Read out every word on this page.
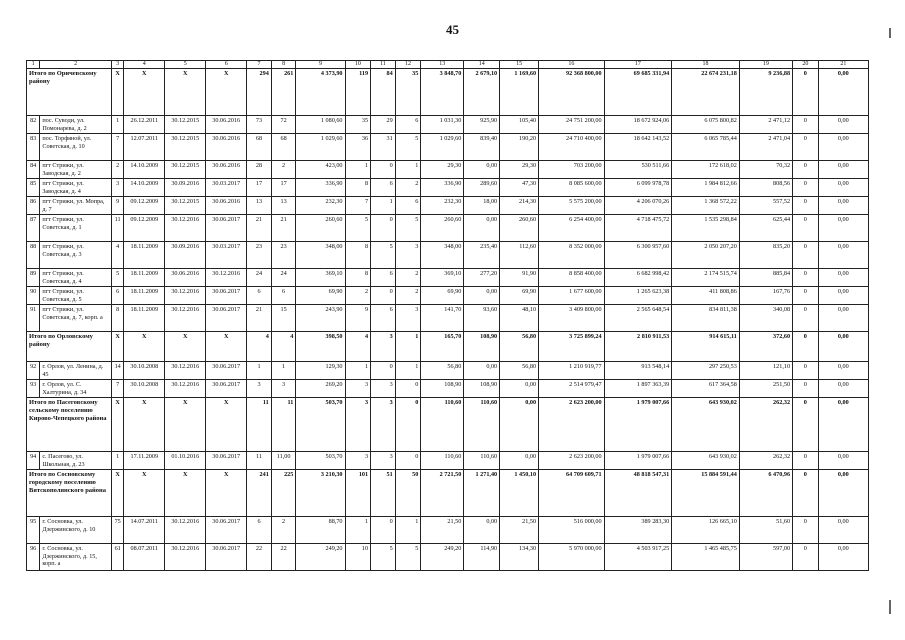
45
1	2	3	4	5	6	7	8	9	10	11	12	13	14	15	16	17	18	19	20	21
Итого по Оричевскому району		X	X	X	X	294	261	4 373,90	119	84	35	3 848,70	2 679,10	1 169,60	92 368 800,00	69 685 331,94	22 674 231,18	9 236,88	0	0,00
82	пос. Суводи, ул. Помонарева, д. 2	1	26.12.2011	30.12.2015	30.06.2016	73	72	1 080,60	35	29	6	1 031,30	925,90	105,40	24 751 200,00	18 672 924,06	6 075 800,82	2 471,12	0	0,00
83	пос. Торфяной, ул. Советская, д. 10	7	12.07.2011	30.12.2015	30.06.2016	68	68	1 029,60	36	31	5	1 029,60	839,40	190,20	24 710 400,00	18 642 143,52	6 065 785,44	2 471,04	0	0,00
84	пгт Стрижи, ул. Заводская, д. 2	2	14.10.2009	30.12.2015	30.06.2016	28	2	423,00	1	0	1	29,30	0,00	29,30	703 200,00	530 511,66	172 618,02	70,32	0	0,00
85	пгт Стрижи, ул. Заводская, д. 4	3	14.10.2009	30.09.2016	30.03.2017	17	17	336,90	8	6	2	336,90	289,60	47,30	8 085 600,00	6 099 978,78	1 984 812,66	808,56	0	0,00
86	пгт Стрижи, ул. Мопра, д. 7	9	09.12.2009	30.12.2015	30.06.2016	13	13	232,30	7	1	6	232,30	18,00	214,30	5 575 200,00	4 206 070,26	1 368 572,22	557,52	0	0,00
87	пгт Стрижи, ул. Советская, д. 1	11	09.12.2009	30.12.2016	30.06.2017	21	21	260,60	5	0	5	260,60	0,00	260,60	6 254 400,00	4 718 475,72	1 535 298,84	625,44	0	0,00
88	пгт Стрижи, ул. Советская, д. 3	4	18.11.2009	30.09.2016	30.03.2017	23	23	348,00	8	5	3	348,00	235,40	112,60	8 352 000,00	6 300 957,60	2 050 207,20	835,20	0	0,00
89	пгт Стрижи, ул. Советская, д. 4	5	18.11.2009	30.06.2016	30.12.2016	24	24	369,10	8	6	2	369,10	277,20	91,90	8 858 400,00	6 682 998,42	2 174 515,74	885,84	0	0,00
90	пгт Стрижи, ул. Советская, д. 5	6	18.11.2009	30.12.2016	30.06.2017	6	6	69,90	2	0	2	69,90	0,00	69,90	1 677 600,00	1 265 623,38	411 808,86	167,76	0	0,00
91	пгт Стрижи, ул. Советская, д. 7, корп. а	8	18.11.2009	30.12.2016	30.06.2017	21	15	243,90	9	6	3	141,70	93,60	48,10	3 409 800,00	2 565 648,54	834 811,38	340,08	0	0,00
Итого по Орловскому району		X	X	X	X	4	4	398,50	4	3	1	165,70	108,90	56,80	3 725 899,24	2 810 911,53	914 615,11	372,60	0	0,00
92	г. Орлов, ул. Ленина, д. 45	14	30.10.2008	30.12.2016	30.06.2017	1	1	129,30	1	0	1	56,80	0,00	56,80	1 210 919,77	913 548,14	297 250,53	121,10	0	0,00
93	г. Орлов, ул. С. Халтурина, д. 34	7	30.10.2008	30.12.2016	30.06.2017	3	3	269,20	3	3	0	108,90	108,90	0,00	2 514 979,47	1 897 363,39	617 364,58	251,50	0	0,00
Итого по Пасеговскому сельскому поселению Кирово-Чепецкого района		X	X	X	X	11	11	503,70	3	3	0	110,60	110,60	0,00	2 623 200,00	1 979 007,66	643 930,02	262,32	0	0,00
94	с. Пасегово, ул. Школьная, д. 23	1	17.11.2009	01.10.2016	30.06.2017	11	11,00	503,70	3	3	0	110,60	110,60	0,00	2 623 200,00	1 979 007,66	643 930,02	262,32	0	0,00
Итого по Сосновскому городскому поселению Вятскополянского района		X	X	X	X	241	225	3 210,30	101	51	50	2 721,50	1 271,40	1 450,10	64 709 609,71	48 818 547,31	15 884 591,44	6 470,96	0	0,00
95	г. Сосновка, ул. Дзержинского, д. 10	75	14.07.2011	30.12.2016	30.06.2017	6	2	88,70	1	0	1	21,50	0,00	21,50	516 000,00	389 283,30	126 665,10	51,60	0	0,00
96	г. Сосновка, ул. Дзержинского, д. 15, корп. а	61	08.07.2011	30.12.2016	30.06.2017	22	22	249,20	10	5	5	249,20	114,90	134,30	5 970 000,00	4 503 917,25	1 465 485,75	597,00	0	0,00
